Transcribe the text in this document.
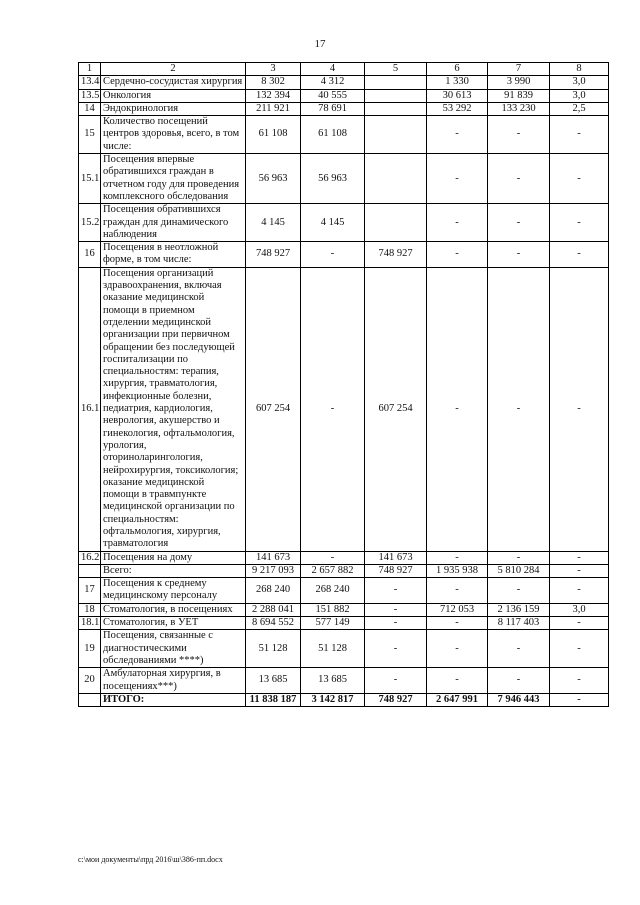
17
1	2	3	4	5	6	7	8
13.4	Сердечно-сосудистая хирургия	8 302	4 312		1 330	3 990	3,0
13.5	Онкология	132 394	40 555		30 613	91 839	3,0
14	Эндокринология	211 921	78 691		53 292	133 230	2,5
15	Количество посещений центров здоровья, всего, в том числе:	61 108	61 108		-	-	-
15.1	Посещения впервые обратившихся граждан в отчетном году для проведения комплексного обследования	56 963	56 963		-	-	-
15.2	Посещения обратившихся граждан для динамического наблюдения	4 145	4 145		-	-	-
16	Посещения в неотложной форме, в том числе:	748 927	-	748 927	-	-	-
16.1	Посещения организаций здравоохранения, включая оказание медицинской помощи в приемном отделении медицинской организации при первичном обращении без последующей госпитализации по специальностям: терапия, хирургия, травматология, инфекционные болезни, педиатрия, кардиология, неврология, акушерство и гинекология, офтальмология, урология, оториноларингология, нейрохирургия, токсикология; оказание медицинской помощи в травмпункте медицинской организации по специальностям: офтальмология, хирургия, травматология	607 254	-	607 254	-	-	-
16.2	Посещения на дому	141 673	-	141 673	-	-	-
	Всего:	9 217 093	2 657 882	748 927	1 935 938	5 810 284	-
17	Посещения к среднему медицинскому персоналу	268 240	268 240	-	-	-	-
18	Стоматология, в посещениях	2 288 041	151 882	-	712 053	2 136 159	3,0
18.1	Стоматология, в УЕТ	8 694 552	577 149	-	-	8 117 403	-
19	Посещения, связанные с диагностическими обследованиями ****)	51 128	51 128	-	-	-	-
20	Амбулаторная хирургия, в посещениях***)	13 685	13 685	-	-	-	-
	ИТОГО:	11 838 187	3 142 817	748 927	2 647 991	7 946 443	-
c:\мои документы\прд 2016\ш\386-пп.docx
